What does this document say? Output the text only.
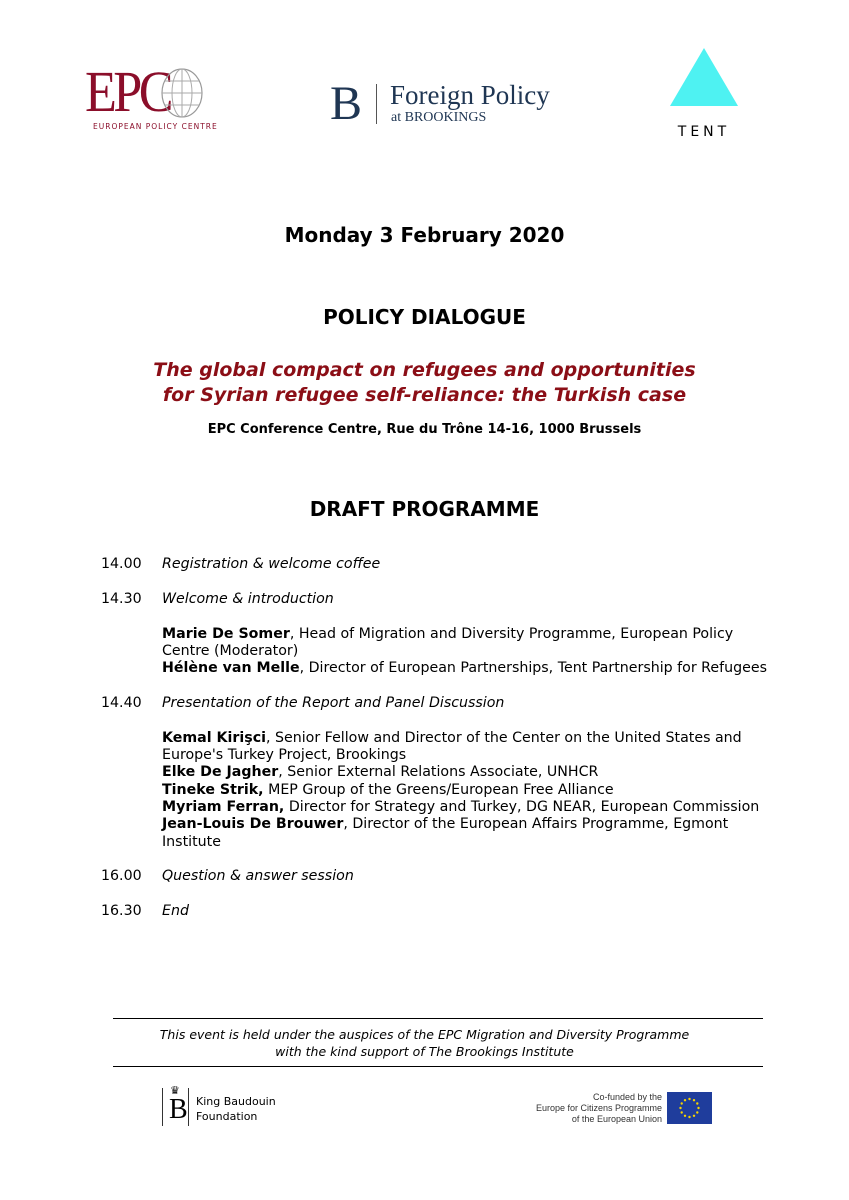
EPC
EUROPEAN POLICY CENTRE B Foreign Policy
at BROOKINGS
TENT
Monday 3 February 2020
POLICY DIALOGUE
The global compact on refugees and opportunities
for Syrian refugee self-reliance: the Turkish case
EPC Conference Centre, Rue du Trône 14-16, 1000 Brussels
DRAFT PROGRAMME
14.00	Registration & welcome coffee
14.30	Welcome & introduction
Marie De Somer, Head of Migration and Diversity Programme, European Policy Centre (Moderator)
Hélène van Melle, Director of European Partnerships, Tent Partnership for Refugees
14.40	Presentation of the Report and Panel Discussion
Kemal Kirişci, Senior Fellow and Director of the Center on the United States and Europe's Turkey Project, Brookings
Elke De Jagher, Senior External Relations Associate, UNHCR
Tineke Strik, MEP Group of the Greens/European Free Alliance
Myriam Ferran, Director for Strategy and Turkey, DG NEAR, European Commission
Jean-Louis De Brouwer, Director of the European Affairs Programme, Egmont Institute
16.00	Question & answer session
16.30	End
This event is held under the auspices of the EPC Migration and Diversity Programme
with the kind support of The Brookings Institute
♛
B King Baudouin
Foundation
Co-funded by the
Europe for Citizens Programme
of the European Union
